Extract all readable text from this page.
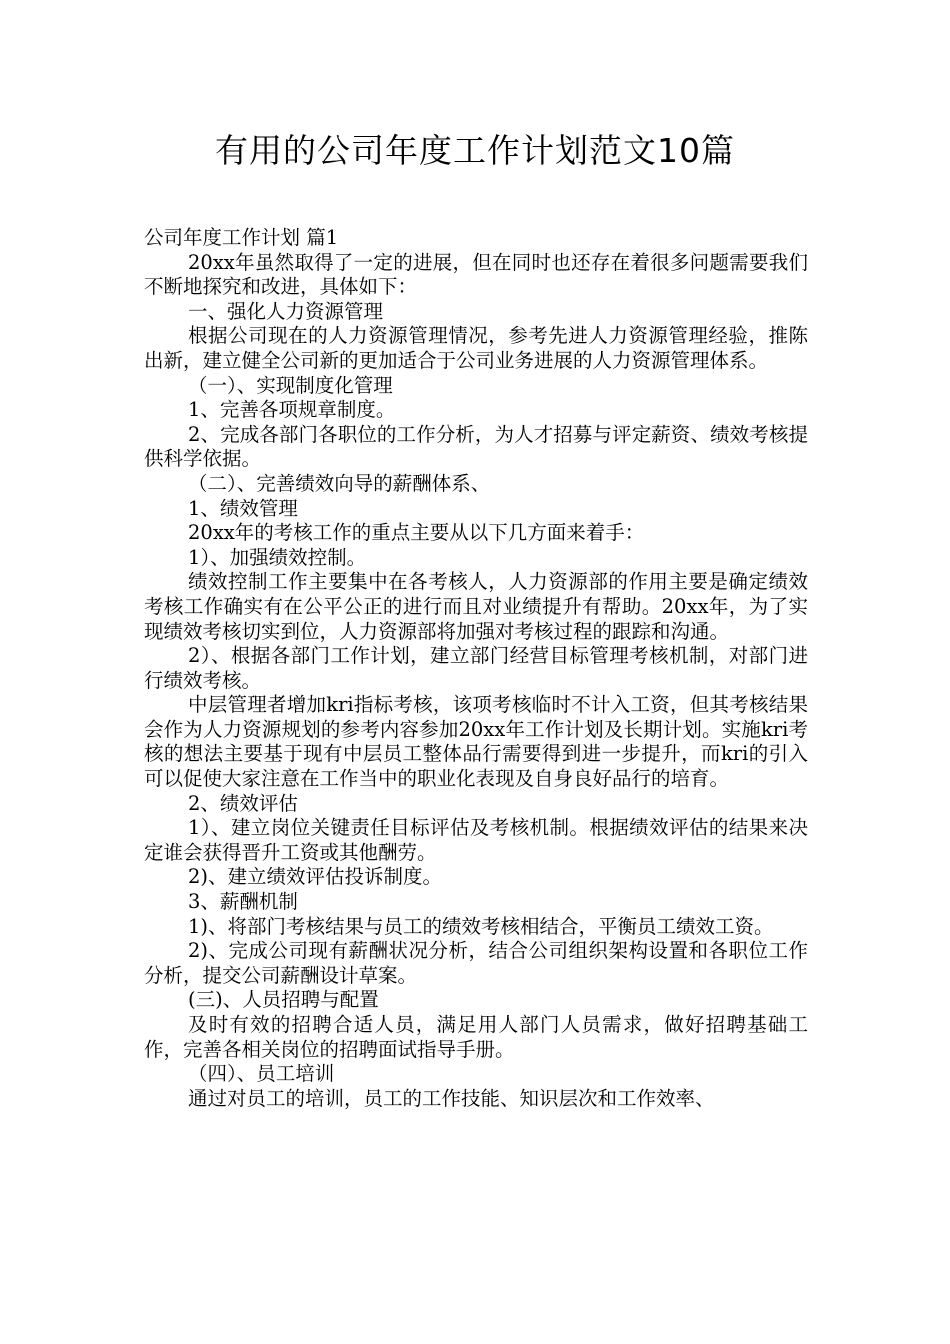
有用的公司年度工作计划范文10篇

公司年度工作计划 篇1

20xx年虽然取得了一定的进展，但在同时也还存在着很多问题需要我们不断地探究和改进，具体如下：

一、强化人力资源管理

根据公司现在的人力资源管理情况，参考先进人力资源管理经验，推陈出新，建立健全公司新的更加适合于公司业务进展的人力资源管理体系。

（一）、实现制度化管理

1、完善各项规章制度。

2、完成各部门各职位的工作分析，为人才招募与评定薪资、绩效考核提供科学依据。

（二）、完善绩效向导的薪酬体系、

1、绩效管理

20xx年的考核工作的重点主要从以下几方面来着手：

1）、加强绩效控制。

绩效控制工作主要集中在各考核人，人力资源部的作用主要是确定绩效考核工作确实有在公平公正的进行而且对业绩提升有帮助。20xx年，为了实现绩效考核切实到位，人力资源部将加强对考核过程的跟踪和沟通。

2）、根据各部门工作计划，建立部门经营目标管理考核机制，对部门进行绩效考核。

中层管理者增加kri指标考核，该项考核临时不计入工资，但其考核结果会作为人力资源规划的参考内容参加20xx年工作计划及长期计划。实施kri考核的想法主要基于现有中层员工整体品行需要得到进一步提升，而kri的引入可以促使大家注意在工作当中的职业化表现及自身良好品行的培育。

2、绩效评估

1）、建立岗位关键责任目标评估及考核机制。根据绩效评估的结果来决定谁会获得晋升工资或其他酬劳。

2)、建立绩效评估投诉制度。

3、薪酬机制

1)、将部门考核结果与员工的绩效考核相结合，平衡员工绩效工资。

2)、完成公司现有薪酬状况分析，结合公司组织架构设置和各职位工作分析，提交公司薪酬设计草案。

(三)、人员招聘与配置

及时有效的招聘合适人员，满足用人部门人员需求，做好招聘基础工作，完善各相关岗位的招聘面试指导手册。

（四）、员工培训

通过对员工的培训，员工的工作技能、知识层次和工作效率、
